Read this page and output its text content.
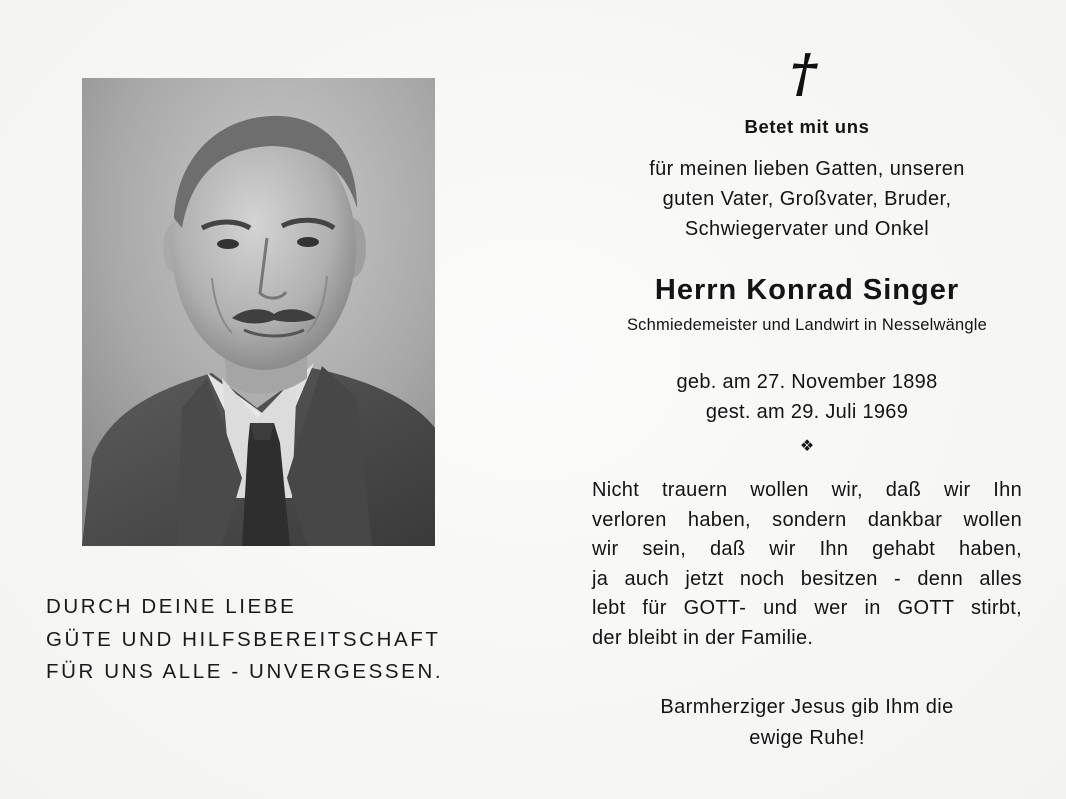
DURCH DEINE LIEBE
GÜTE UND HILFSBEREITSCHAFT
FÜR UNS ALLE - UNVERGESSEN.
†
Betet mit uns
für meinen lieben Gatten, unseren
guten Vater, Großvater, Bruder,
Schwiegervater und Onkel
Herrn Konrad Singer
Schmiedemeister und Landwirt in Nesselwängle
geb. am 27. November 1898
gest. am 29. Juli 1969
❖
Nicht trauern wollen wir, daß wir Ihn
verloren haben, sondern dankbar wollen
wir sein, daß wir Ihn gehabt haben,
ja auch jetzt noch besitzen - denn alles
lebt für GOTT- und wer in GOTT stirbt,
der bleibt in der Familie.
Barmherziger Jesus gib Ihm die
ewige Ruhe!
